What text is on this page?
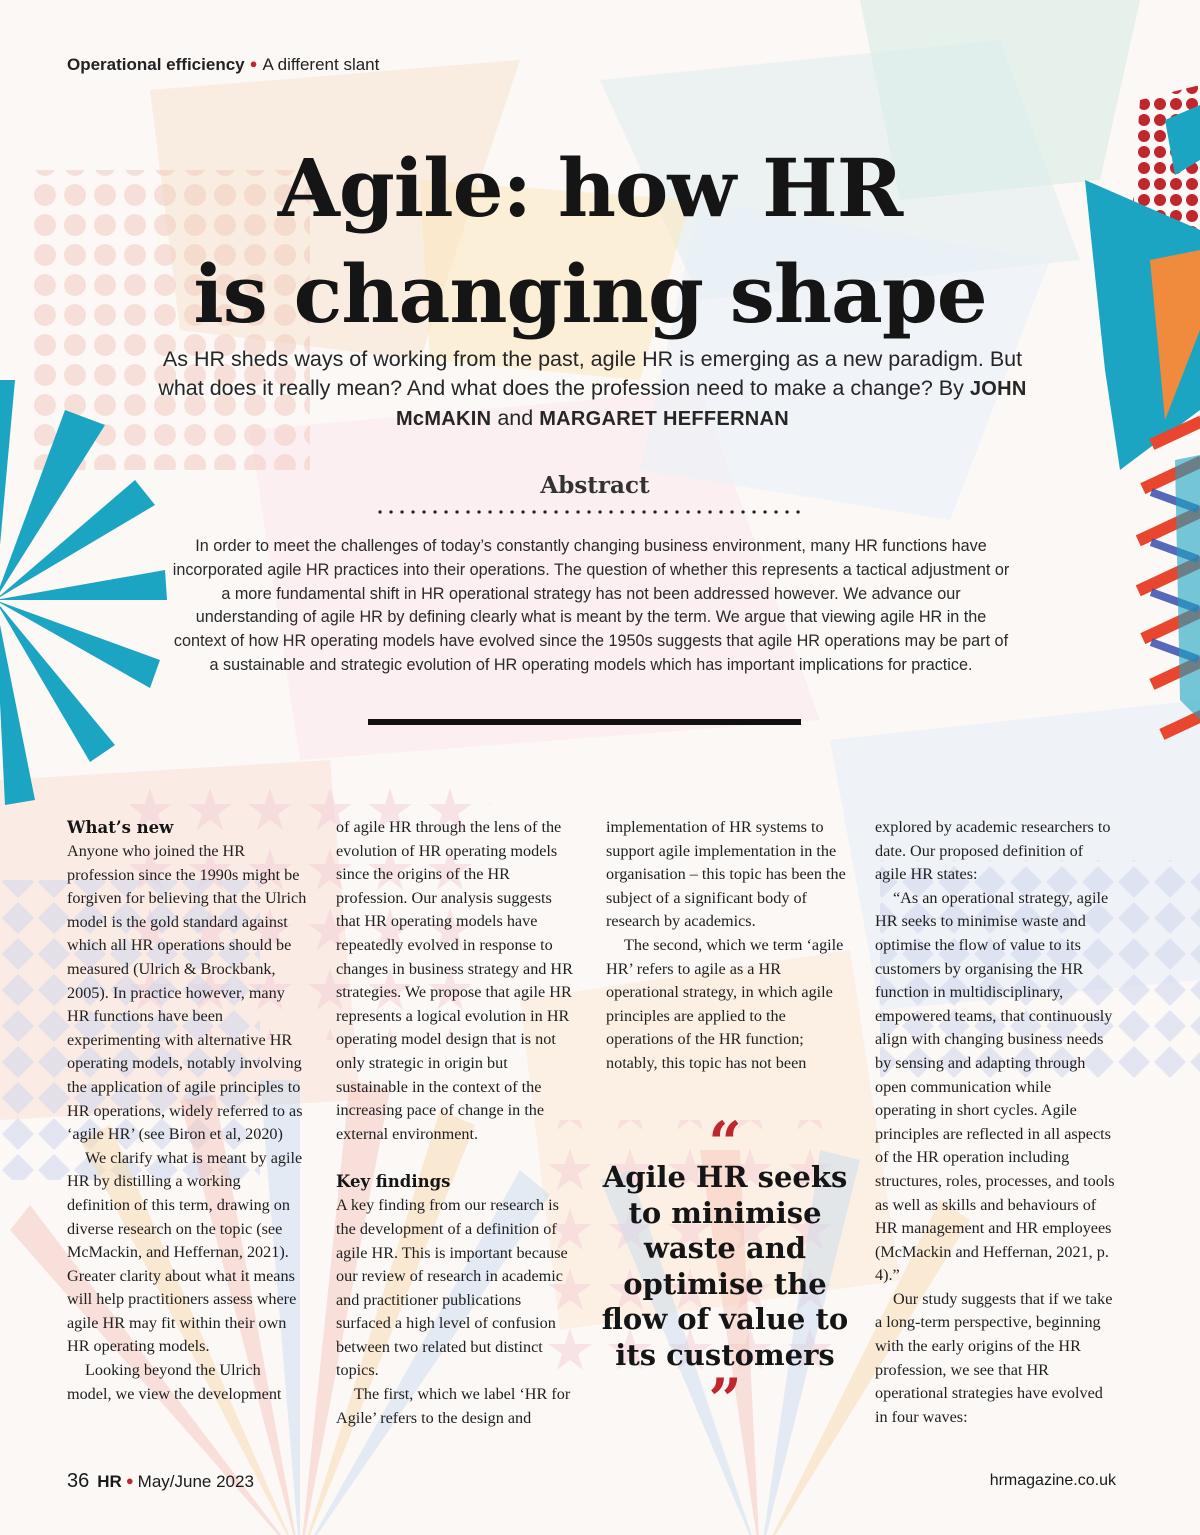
Operational efficiency ● A different slant
Agile: how HR
is changing shape
As HR sheds ways of working from the past, agile HR is emerging as a new paradigm. But what does it really mean? And what does the profession need to make a change? By JOHN McMAKIN and MARGARET HEFFERNAN
Abstract
In order to meet the challenges of today’s constantly changing business environment, many HR functions have incorporated agile HR practices into their operations. The question of whether this represents a tactical adjustment or a more fundamental shift in HR operational strategy has not been addressed however. We advance our understanding of agile HR by defining clearly what is meant by the term. We argue that viewing agile HR in the context of how HR operating models have evolved since the 1950s suggests that agile HR operations may be part of a sustainable and strategic evolution of HR operating models which has important implications for practice.
What’s new

Anyone who joined the HR profession since the 1990s might be forgiven for believing that the Ulrich model is the gold standard against which all HR operations should be measured (Ulrich & Brockbank, 2005). In practice however, many HR functions have been experimenting with alternative HR operating models, notably involving the application of agile principles to HR operations, widely referred to as ‘agile HR’ (see Biron et al, 2020)

We clarify what is meant by agile HR by distilling a working definition of this term, drawing on diverse research on the topic (see McMackin, and Heffernan, 2021). Greater clarity about what it means will help practitioners assess where agile HR may fit within their own HR operating models.

Looking beyond the Ulrich model, we view the development

of agile HR through the lens of the evolution of HR operating models since the origins of the HR profession. Our analysis suggests that HR operating models have repeatedly evolved in response to changes in business strategy and HR strategies. We propose that agile HR represents a logical evolution in HR operating model design that is not only strategic in origin but sustainable in the context of the increasing pace of change in the external environment.

Key findings

A key finding from our research is the development of a definition of agile HR. This is important because our review of research in academic and practitioner publications surfaced a high level of confusion between two related but distinct topics.

The first, which we label ‘HR for Agile’ refers to the design and

implementation of HR systems to support agile implementation in the organisation – this topic has been the subject of a significant body of research by academics.

The second, which we term ‘agile HR’ refers to agile as a HR operational strategy, in which agile principles are applied to the operations of the HR function; notably, this topic has not been

“
Agile HR seeks to minimise waste and optimise the flow of value to its customers
”

explored by academic researchers to date. Our proposed definition of agile HR states:

“As an operational strategy, agile HR seeks to minimise waste and optimise the flow of value to its customers by organising the HR function in multidisciplinary, empowered teams, that continuously align with changing business needs by sensing and adapting through open communication while operating in short cycles. Agile principles are reflected in all aspects of the HR operation including structures, roles, processes, and tools as well as skills and behaviours of HR management and HR employees (McMackin and Heffernan, 2021, p. 4).”

Our study suggests that if we take a long-term perspective, beginning with the early origins of the HR profession, we see that HR operational strategies have evolved in four waves:

36 HR ● May/June 2023	hrmagazine.co.uk
